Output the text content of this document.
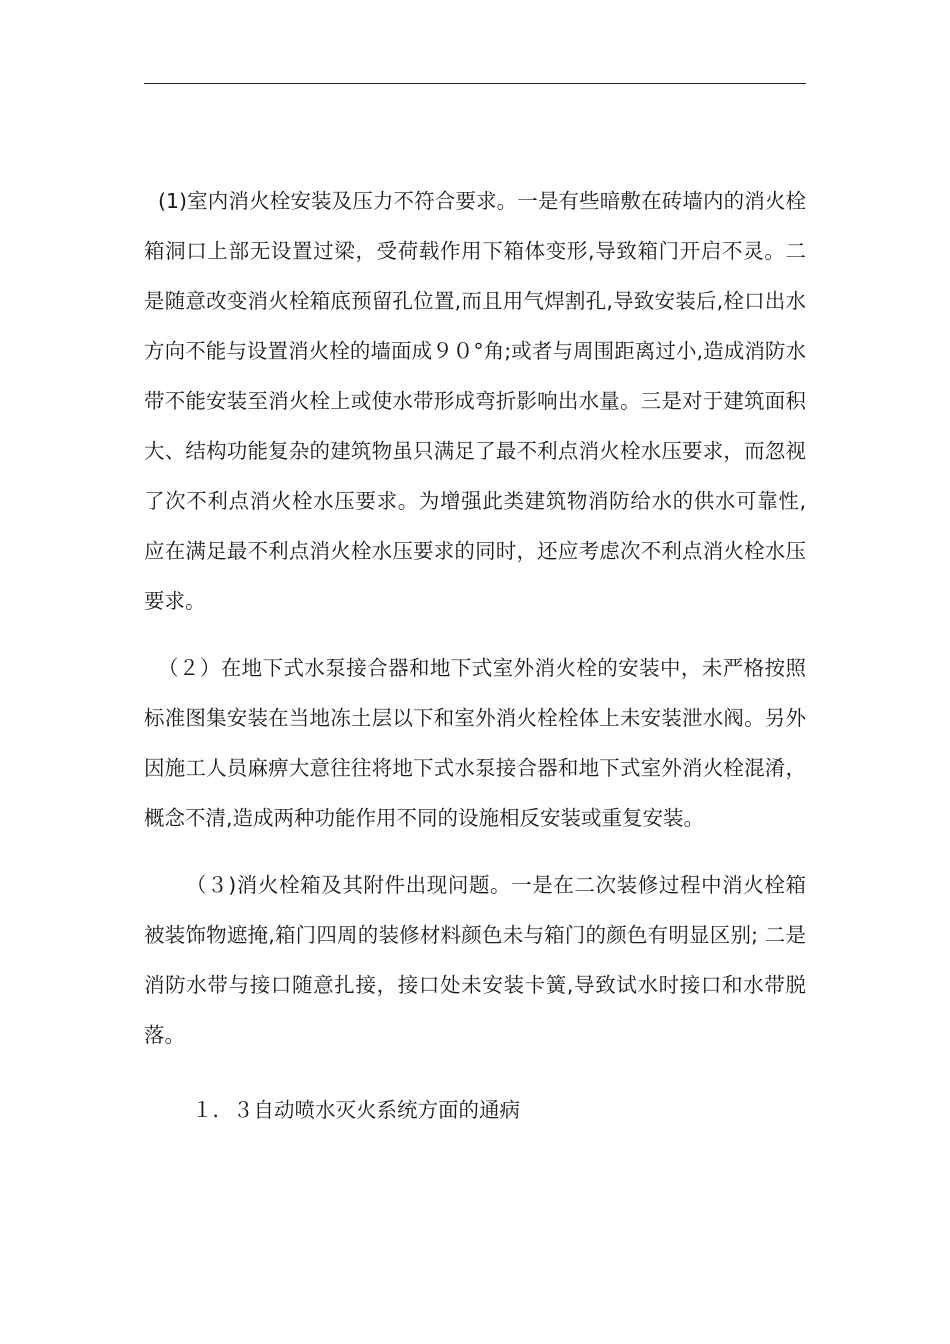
(1)室内消火栓安装及压力不符合要求。一是有些暗敷在砖墙内的消火栓箱洞口上部无设置过梁，受荷载作用下箱体变形,导致箱门开启不灵。二是随意改变消火栓箱底预留孔位置,而且用气焊割孔,导致安装后,栓口出水方向不能与设置消火栓的墙面成９０°角;或者与周围距离过小,造成消防水带不能安装至消火栓上或使水带形成弯折影响出水量。三是对于建筑面积大、结构功能复杂的建筑物虽只满足了最不利点消火栓水压要求，而忽视了次不利点消火栓水压要求。为增强此类建筑物消防给水的供水可靠性,应在满足最不利点消火栓水压要求的同时，还应考虑次不利点消火栓水压要求。

（２）在地下式水泵接合器和地下式室外消火栓的安装中，未严格按照标准图集安装在当地冻土层以下和室外消火栓栓体上未安装泄水阀。另外因施工人员麻痹大意往往将地下式水泵接合器和地下式室外消火栓混淆，概念不清,造成两种功能作用不同的设施相反安装或重复安装。

（３)消火栓箱及其附件出现问题。一是在二次装修过程中消火栓箱被装饰物遮掩,箱门四周的装修材料颜色未与箱门的颜色有明显区别; 二是消防水带与接口随意扎接，接口处未安装卡簧,导致试水时接口和水带脱落。

１．３自动喷水灭火系统方面的通病
